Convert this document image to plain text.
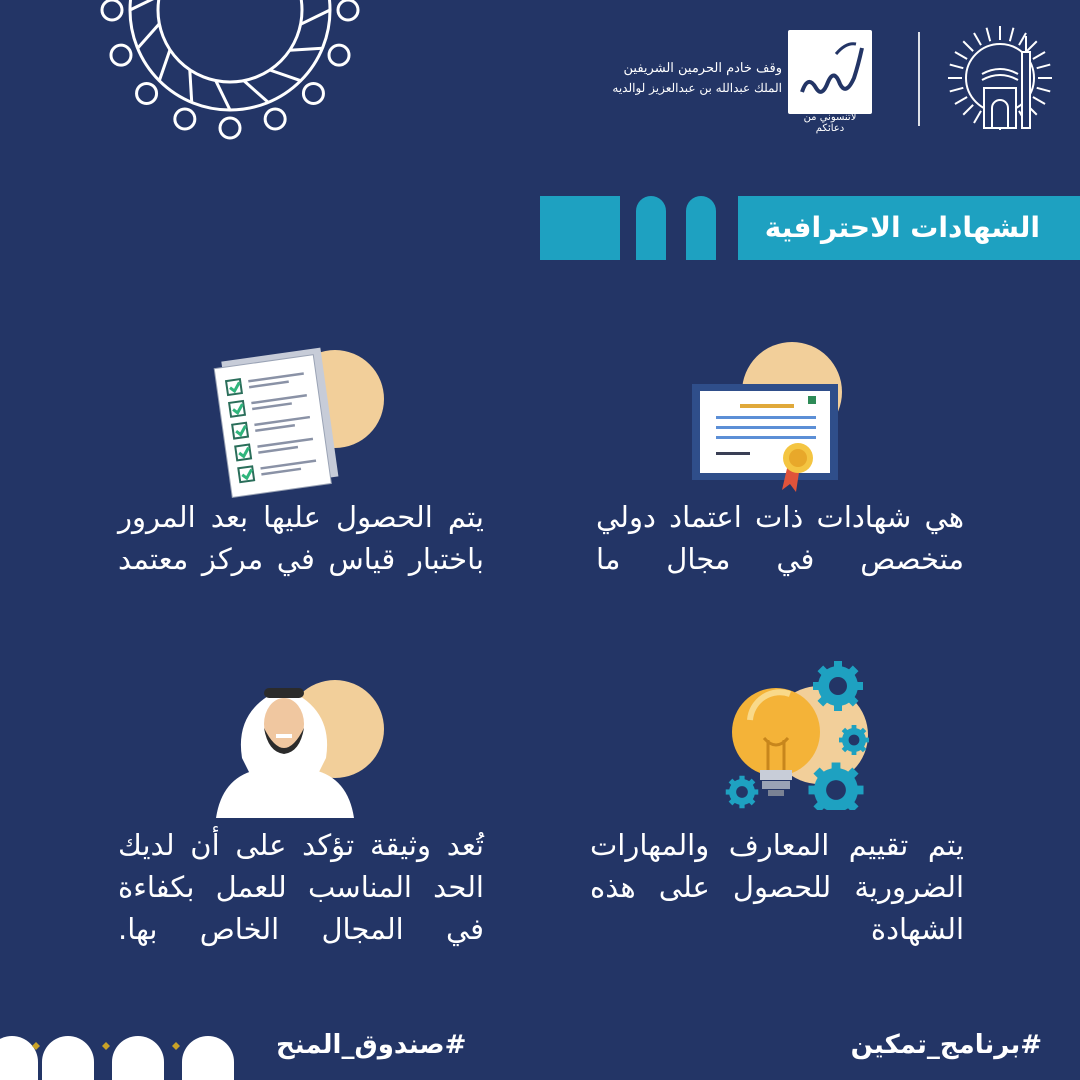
لاتنسوني من دعائكم
وقف خادم الحرمين الشريفين
الملك عبدالله بن عبدالعزيز لوالديه
الشهادات الاحترافية
يتم الحصول عليها بعد المرور باختبار قياس في مركز معتمد
هي شهادات ذات اعتماد دولي متخصص في مجال ما
تُعد وثيقة تؤكد على أن لديك الحد المناسب للعمل بكفاءة في المجال الخاص بها.
يتم تقييم المعارف والمهارات الضرورية للحصول على هذه الشهادة
#صندوق_المنح	#برنامج_تمكين
